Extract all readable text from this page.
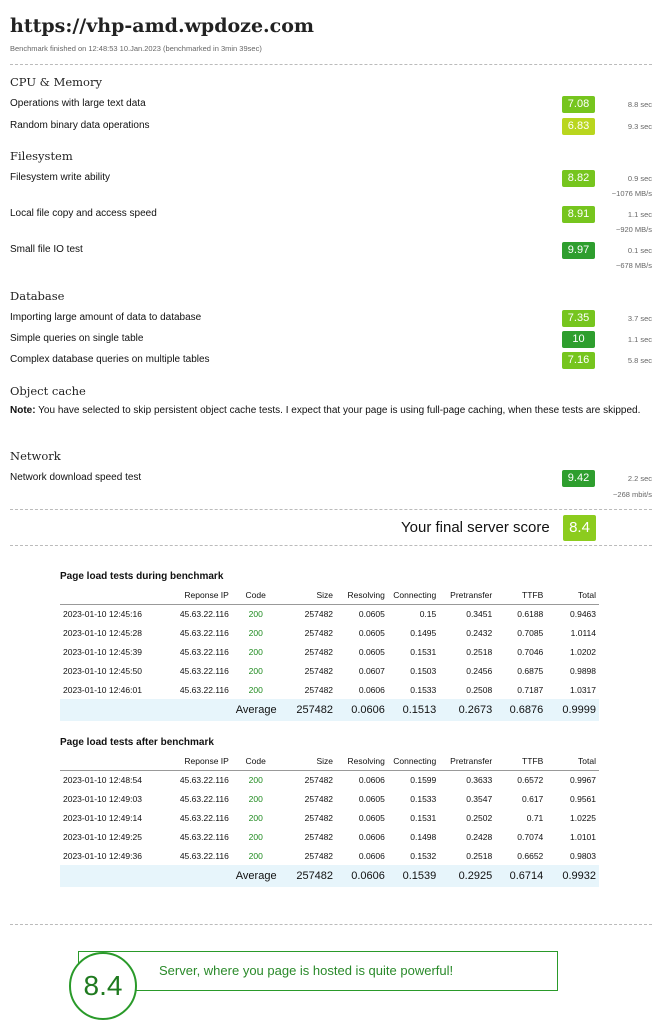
https://vhp-amd.wpdoze.com
Benchmark finished on 12:48:53 10.Jan.2023 (benchmarked in 3min 39sec)
CPU & Memory
Operations with large text data	7.08	8.8 sec
Random binary data operations	6.83	9.3 sec
Filesystem
Filesystem write ability	8.82	0.9 sec
~1076 MB/s
Local file copy and access speed	8.91	1.1 sec
~920 MB/s
Small file IO test	9.97	0.1 sec
~678 MB/s
Database
Importing large amount of data to database	7.35	3.7 sec
Simple queries on single table	10	1.1 sec
Complex database queries on multiple tables	7.16	5.8 sec
Object cache
Note: You have selected to skip persistent object cache tests. I expect that your page is using full-page caching, when these tests are skipped.
Network
Network download speed test	9.42	2.2 sec
~268 mbit/s
Your final server score	8.4
Page load tests during benchmark
	Reponse IP	Code	Size	Resolving	Connecting	Pretransfer	TTFB	Total
2023-01-10 12:45:16	45.63.22.116	200	257482	0.0605	0.15	0.3451	0.6188	0.9463
2023-01-10 12:45:28	45.63.22.116	200	257482	0.0605	0.1495	0.2432	0.7085	1.0114
2023-01-10 12:45:39	45.63.22.116	200	257482	0.0605	0.1531	0.2518	0.7046	1.0202
2023-01-10 12:45:50	45.63.22.116	200	257482	0.0607	0.1503	0.2456	0.6875	0.9898
2023-01-10 12:46:01	45.63.22.116	200	257482	0.0606	0.1533	0.2508	0.7187	1.0317
		Average	257482	0.0606	0.1513	0.2673	0.6876	0.9999
Page load tests after benchmark
	Reponse IP	Code	Size	Resolving	Connecting	Pretransfer	TTFB	Total
2023-01-10 12:48:54	45.63.22.116	200	257482	0.0606	0.1599	0.3633	0.6572	0.9967
2023-01-10 12:49:03	45.63.22.116	200	257482	0.0605	0.1533	0.3547	0.617	0.9561
2023-01-10 12:49:14	45.63.22.116	200	257482	0.0605	0.1531	0.2502	0.71	1.0225
2023-01-10 12:49:25	45.63.22.116	200	257482	0.0606	0.1498	0.2428	0.7074	1.0101
2023-01-10 12:49:36	45.63.22.116	200	257482	0.0606	0.1532	0.2518	0.6652	0.9803
		Average	257482	0.0606	0.1539	0.2925	0.6714	0.9932
Server, where you page is hosted is quite powerful!
8.4
